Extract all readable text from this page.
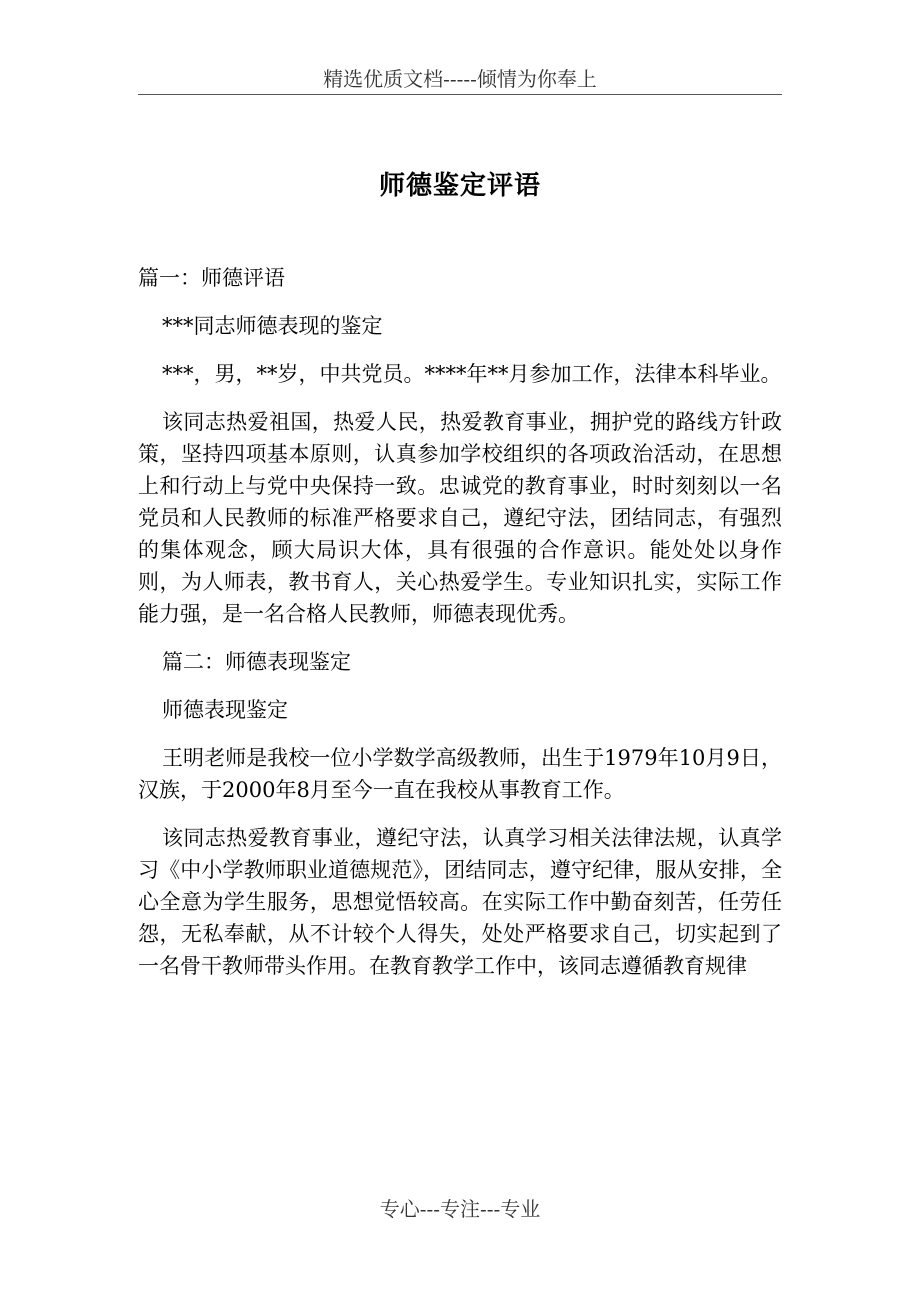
精选优质文档-----倾情为你奉上
师德鉴定评语

篇一：师德评语

***同志师德表现的鉴定

***，男，**岁，中共党员。****年**月参加工作，法律本科毕业。

该同志热爱祖国，热爱人民，热爱教育事业，拥护党的路线方针政策，坚持四项基本原则，认真参加学校组织的各项政治活动，在思想上和行动上与党中央保持一致。忠诚党的教育事业，时时刻刻以一名党员和人民教师的标准严格要求自己，遵纪守法，团结同志，有强烈的集体观念，顾大局识大体，具有很强的合作意识。能处处以身作则，为人师表，教书育人，关心热爱学生。专业知识扎实，实际工作能力强，是一名合格人民教师，师德表现优秀。

篇二：师德表现鉴定

师德表现鉴定

王明老师是我校一位小学数学高级教师，出生于1979年10月9日，汉族，于2000年8月至今一直在我校从事教育工作。

该同志热爱教育事业，遵纪守法，认真学习相关法律法规，认真学习《中小学教师职业道德规范》，团结同志，遵守纪律，服从安排，全心全意为学生服务，思想觉悟较高。在实际工作中勤奋刻苦，任劳任怨，无私奉献，从不计较个人得失，处处严格要求自己，切实起到了一名骨干教师带头作用。在教育教学工作中，该同志遵循教育规律

专心---专注---专业
